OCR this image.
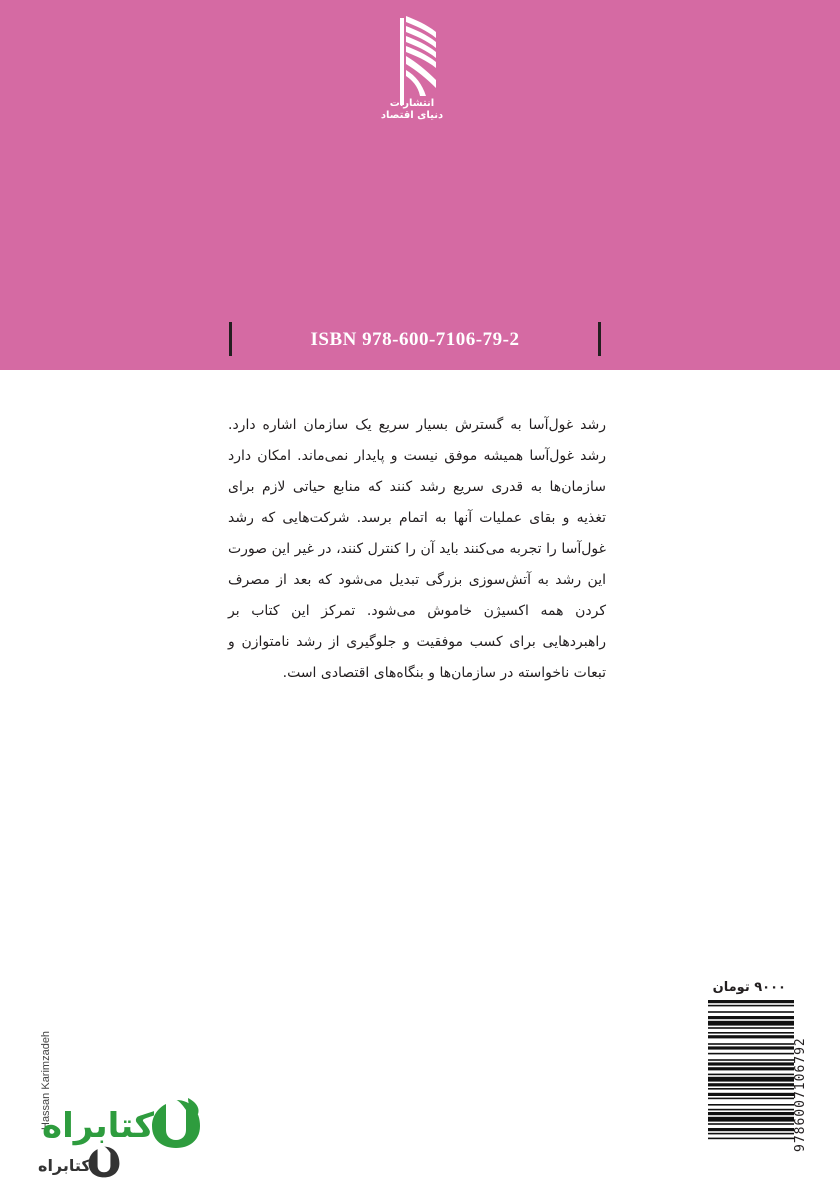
انتشارات
دنیای اقتصاد
ISBN 978-600-7106-79-2

رشد غول‌آسا به گسترش بسیار سریع یک سازمان اشاره دارد. رشد غول‌آسا همیشه موفق نیست و پایدار نمی‌ماند. امکان دارد سازمان‌ها به قدری سریع رشد کنند که منابع حیاتی لازم برای تغذیه و بقای عملیات آنها به اتمام برسد. شرکت‌هایی که رشد غول‌آسا را تجربه می‌کنند باید آن را کنترل کنند، در غیر این صورت این رشد به آتش‌سوزی بزرگی تبدیل می‌شود که بعد از مصرف کردن همه اکسیژن خاموش می‌شود. تمرکز این کتاب بر راهبردهایی برای کسب موفقیت و جلوگیری از رشد نامتوازن و تبعات ناخواسته در سازمان‌ها و بنگاه‌های اقتصادی است.

۹۰۰۰ تومان
9786007106792
Hassan Karimzadeh
کتابراه
کتابراه
